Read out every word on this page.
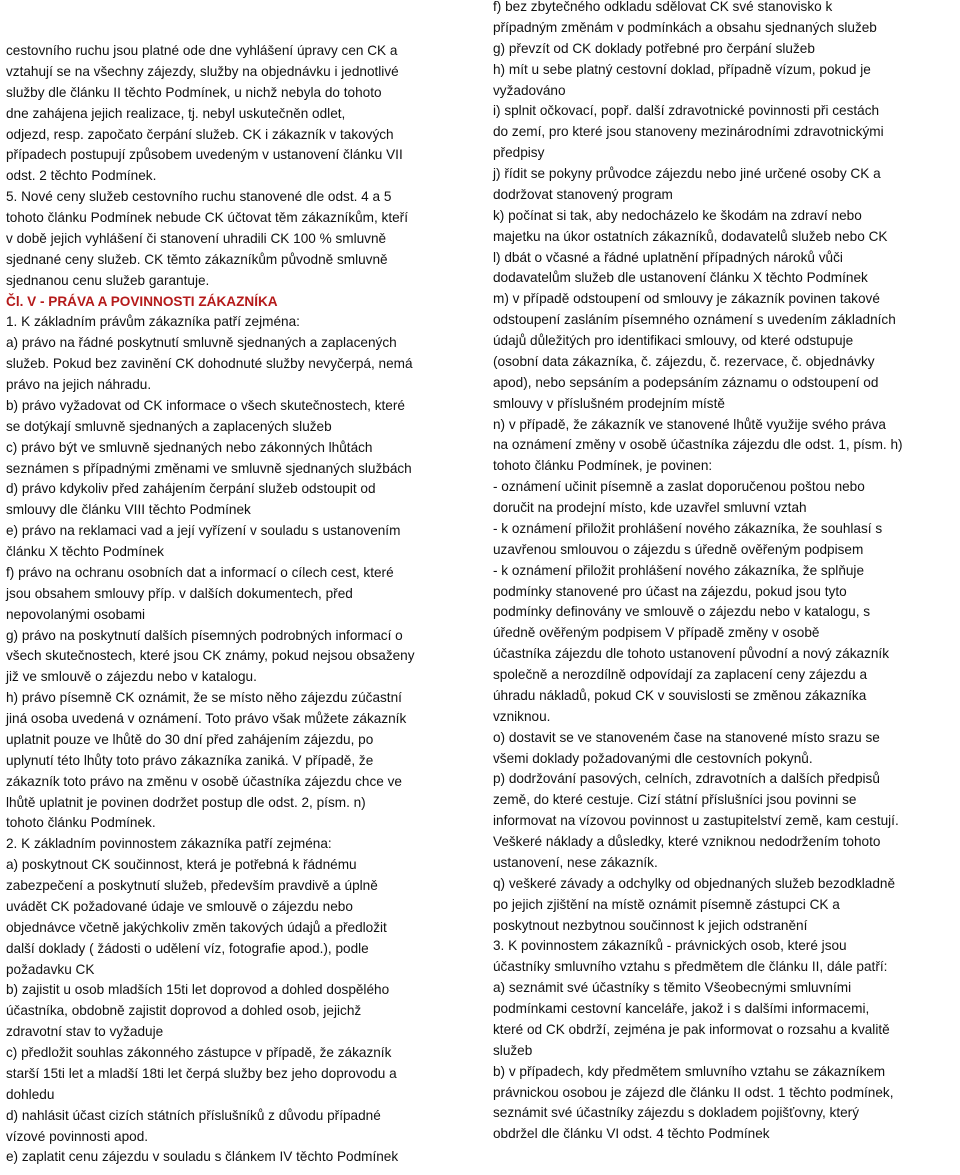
cestovního ruchu jsou platné ode dne vyhlášení úpravy cen CK a
vztahují se na všechny zájezdy, služby na objednávku i jednotlivé
služby dle článku II těchto Podmínek, u nichž nebyla do tohoto
dne zahájena jejich realizace, tj. nebyl uskutečněn odlet,
odjezd, resp. započato čerpání služeb. CK i zákazník v takových
případech postupují způsobem uvedeným v ustanovení článku VII
odst. 2 těchto Podmínek.
5. Nové ceny služeb cestovního ruchu stanovené dle odst. 4 a 5
tohoto článku Podmínek nebude CK účtovat těm zákazníkům, kteří
v době jejich vyhlášení či stanovení uhradili CK 100 % smluvně
sjednané ceny služeb. CK těmto zákazníkům původně smluvně
sjednanou cenu služeb garantuje.
Čl. V - PRÁVA A POVINNOSTI ZÁKAZNÍKA
1. K základním právům zákazníka patří zejména:
a) právo na řádné poskytnutí smluvně sjednaných a zaplacených
služeb. Pokud bez zavinění CK dohodnuté služby nevyčerpá, nemá
právo na jejich náhradu.
b) právo vyžadovat od CK informace o všech skutečnostech, které
se dotýkají smluvně sjednaných a zaplacených služeb
c) právo být ve smluvně sjednaných nebo zákonných lhůtách
seznámen s případnými změnami ve smluvně sjednaných službách
d) právo kdykoliv před zahájením čerpání služeb odstoupit od
smlouvy dle článku VIII těchto Podmínek
e) právo na reklamaci vad a její vyřízení v souladu s ustanovením
článku X těchto Podmínek
f) právo na ochranu osobních dat a informací o cílech cest, které
jsou obsahem smlouvy příp. v dalších dokumentech, před
nepovolanými osobami
g) právo na poskytnutí dalších písemných podrobných informací o
všech skutečnostech, které jsou CK známy, pokud nejsou obsaženy
již ve smlouvě o zájezdu nebo v katalogu.
h) právo písemně CK oznámit, že se místo něho zájezdu zúčastní
jiná osoba uvedená v oznámení. Toto právo však můžete zákazník
uplatnit pouze ve lhůtě do 30 dní před zahájením zájezdu, po
uplynutí této lhůty toto právo zákazníka zaniká. V případě, že
zákazník toto právo na změnu v osobě účastníka zájezdu chce ve
lhůtě uplatnit je povinen dodržet postup dle odst. 2, písm. n)
tohoto článku Podmínek.
2. K základním povinnostem zákazníka patří zejména:
a) poskytnout CK součinnost, která je potřebná k řádnému
zabezpečení a poskytnutí služeb, především pravdivě a úplně
uvádět CK požadované údaje ve smlouvě o zájezdu nebo
objednávce včetně jakýchkoliv změn takových údajů a předložit
další doklady ( žádosti o udělení víz, fotografie apod.), podle
požadavku CK
b) zajistit u osob mladších 15ti let doprovod a dohled dospělého
účastníka, obdobně zajistit doprovod a dohled osob, jejichž
zdravotní stav to vyžaduje
c) předložit souhlas zákonného zástupce v případě, že zákazník
starší 15ti let a mladší 18ti let čerpá služby bez jeho doprovodu a
dohledu
d) nahlásit účast cizích státních příslušníků z důvodu případné
vízové povinnosti apod.
e) zaplatit cenu zájezdu v souladu s článkem IV těchto Podmínek
f) bez zbytečného odkladu sdělovat CK své stanovisko k
případným změnám v podmínkách a obsahu sjednaných služeb
g) převzít od CK doklady potřebné pro čerpání služeb
h) mít u sebe platný cestovní doklad, případně vízum, pokud je
vyžadováno
i) splnit očkovací, popř. další zdravotnické povinnosti při cestách
do zemí, pro které jsou stanoveny mezinárodními zdravotnickými
předpisy
j) řídit se pokyny průvodce zájezdu nebo jiné určené osoby CK a
dodržovat stanovený program
k) počínat si tak, aby nedocházelo ke škodám na zdraví nebo
majetku na úkor ostatních zákazníků, dodavatelů služeb nebo CK
l) dbát o včasné a řádné uplatnění případných nároků vůči
dodavatelům služeb dle ustanovení článku X těchto Podmínek
m) v případě odstoupení od smlouvy je zákazník povinen takové
odstoupení zasláním písemného oznámení s uvedením základních
údajů důležitých pro identifikaci smlouvy, od které odstupuje
(osobní data zákazníka, č. zájezdu, č. rezervace, č. objednávky
apod), nebo sepsáním a podepsáním záznamu o odstoupení od
smlouvy v příslušném prodejním místě
n) v případě, že zákazník ve stanovené lhůtě využije svého práva
na oznámení změny v osobě účastníka zájezdu dle odst. 1, písm. h)
tohoto článku Podmínek, je povinen:
- oznámení učinit písemně a zaslat doporučenou poštou nebo
doručit na prodejní místo, kde uzavřel smluvní vztah
- k oznámení přiložit prohlášení nového zákazníka, že souhlasí s
uzavřenou smlouvou o zájezdu s úředně ověřeným podpisem
- k oznámení přiložit prohlášení nového zákazníka, že splňuje
podmínky stanovené pro účast na zájezdu, pokud jsou tyto
podmínky definovány ve smlouvě o zájezdu nebo v katalogu, s
úředně ověřeným podpisem V případě změny v osobě
účastníka zájezdu dle tohoto ustanovení původní a nový zákazník
společně a nerozdílně odpovídají za zaplacení ceny zájezdu a
úhradu nákladů, pokud CK v souvislosti se změnou zákazníka
vzniknou.
o) dostavit se ve stanoveném čase na stanovené místo srazu se
všemi doklady požadovanými dle cestovních pokynů.
p) dodržování pasových, celních, zdravotních a dalších předpisů
země, do které cestuje. Cizí státní příslušníci jsou povinni se
informovat na vízovou povinnost u zastupitelství země, kam cestují.
Veškeré náklady a důsledky, které vzniknou nedodržením tohoto
ustanovení, nese zákazník.
q) veškeré závady a odchylky od objednaných služeb bezodkladně
po jejich zjištění na místě oznámit písemně zástupci CK a
poskytnout nezbytnou součinnost k jejich odstranění
3. K povinnostem zákazníků - právnických osob, které jsou
účastníky smluvního vztahu s předmětem dle článku II, dále patří:
a) seznámit své účastníky s těmito Všeobecnými smluvními
podmínkami cestovní kanceláře, jakož i s dalšími informacemi,
které od CK obdrží, zejména je pak informovat o rozsahu a kvalitě
služeb
b) v případech, kdy předmětem smluvního vztahu se zákazníkem
právnickou osobou je zájezd dle článku II odst. 1 těchto podmínek,
seznámit své účastníky zájezdu s dokladem pojišťovny, který
obdržel dle článku VI odst. 4 těchto Podmínek
